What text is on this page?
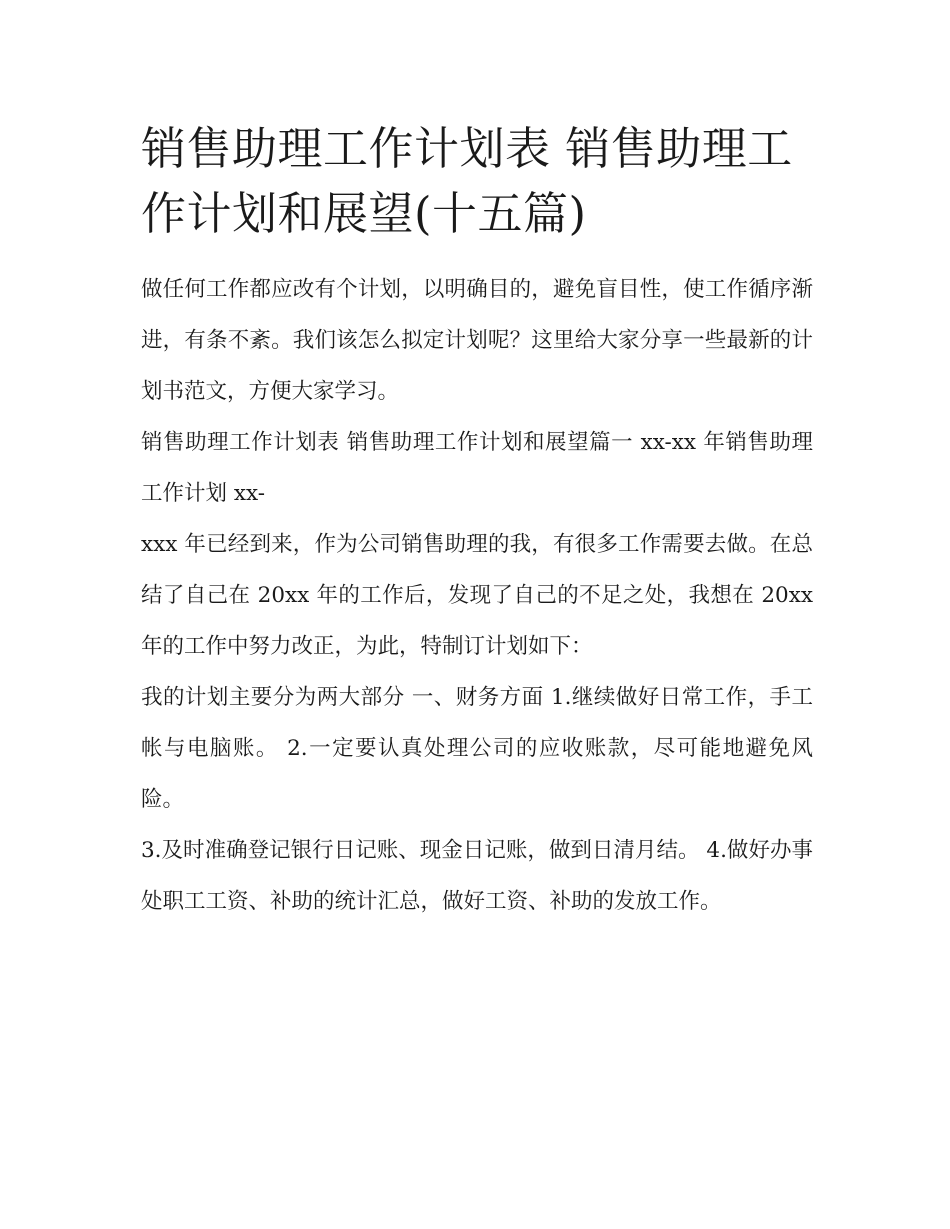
销售助理工作计划表 销售助理工作计划和展望(十五篇)

做任何工作都应改有个计划，以明确目的，避免盲目性，使工作循序渐进，有条不紊。我们该怎么拟定计划呢？这里给大家分享一些最新的计划书范文，方便大家学习。

销售助理工作计划表 销售助理工作计划和展望篇一 xx-xx 年销售助理工作计划 xx-

xxx 年已经到来，作为公司销售助理的我，有很多工作需要去做。在总结了自己在 20xx 年的工作后，发现了自己的不足之处，我想在 20xx 年的工作中努力改正，为此，特制订计划如下：

我的计划主要分为两大部分 一、财务方面 1.继续做好日常工作，手工帐与电脑账。 2.一定要认真处理公司的应收账款，尽可能地避免风险。

3.及时准确登记银行日记账、现金日记账，做到日清月结。 4.做好办事处职工工资、补助的统计汇总，做好工资、补助的发放工作。
